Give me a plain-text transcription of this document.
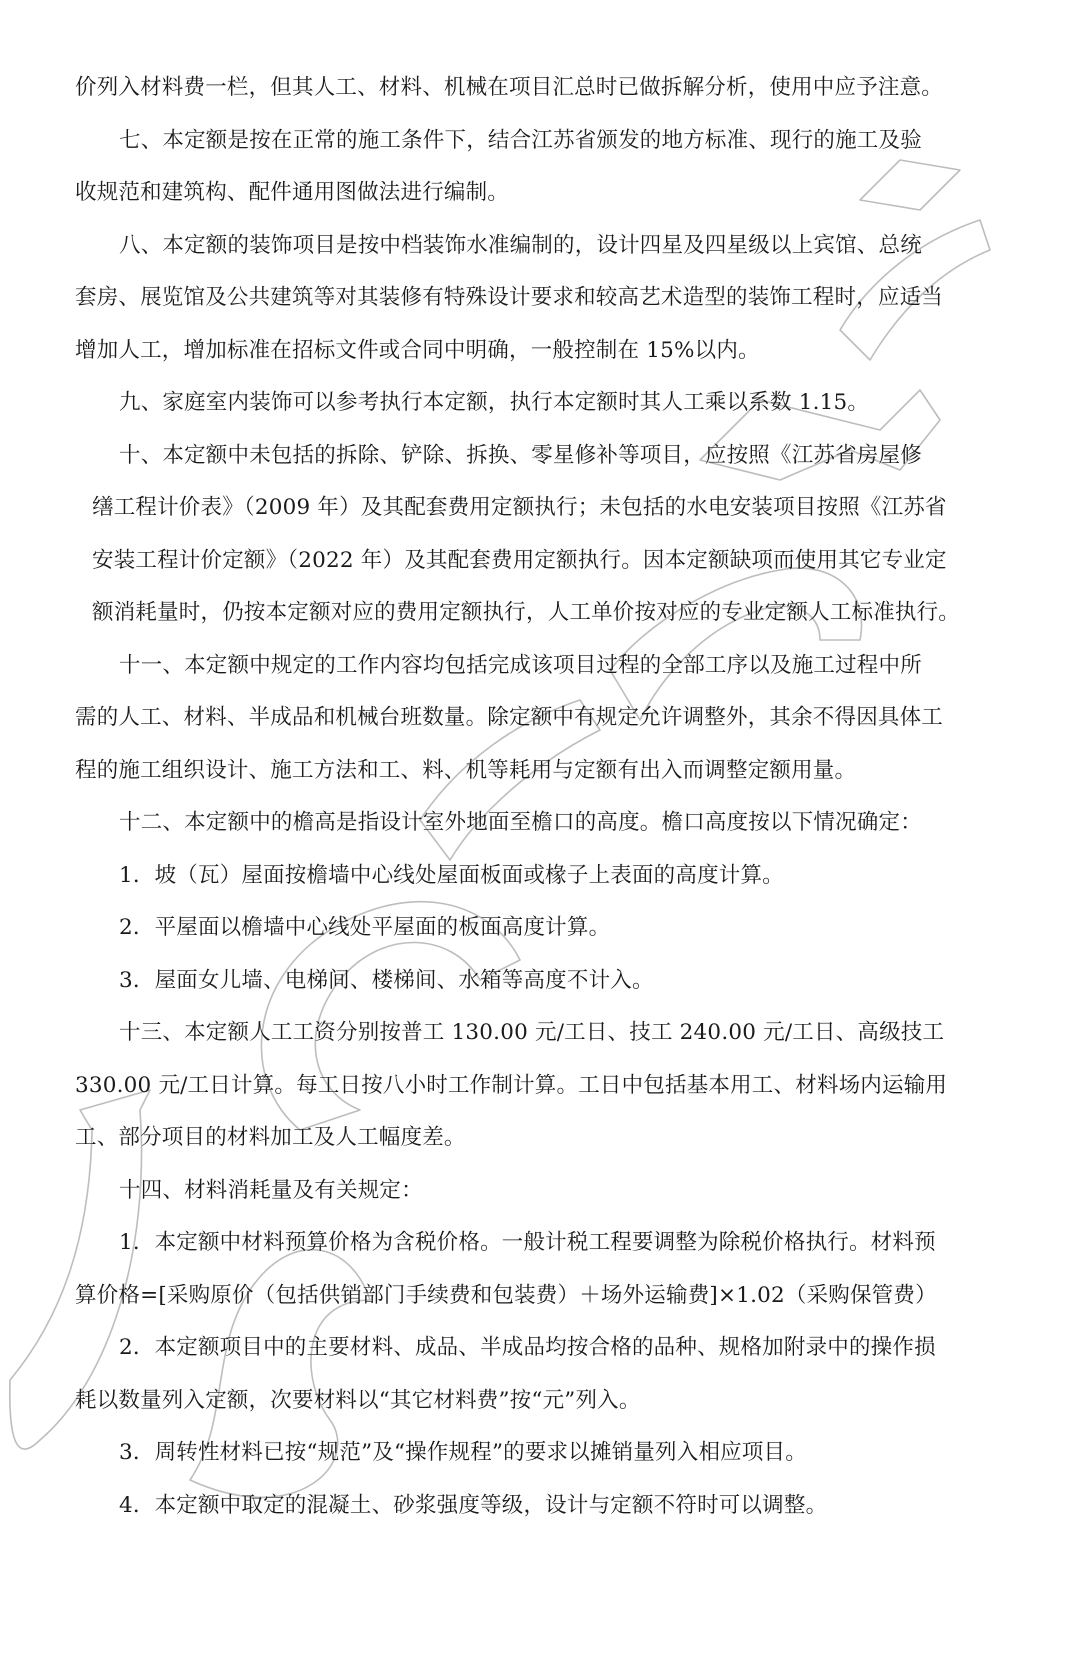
价列入材料费一栏，但其人工、材料、机械在项目汇总时已做拆解分析，使用中应予注意。
七、本定额是按在正常的施工条件下，结合江苏省颁发的地方标准、现行的施工及验
收规范和建筑构、配件通用图做法进行编制。
八、本定额的装饰项目是按中档装饰水准编制的，设计四星及四星级以上宾馆、总统
套房、展览馆及公共建筑等对其装修有特殊设计要求和较高艺术造型的装饰工程时，应适当
增加人工，增加标准在招标文件或合同中明确，一般控制在 15%以内。
九、家庭室内装饰可以参考执行本定额，执行本定额时其人工乘以系数 1.15。
十、本定额中未包括的拆除、铲除、拆换、零星修补等项目，应按照《江苏省房屋修
缮工程计价表》（2009 年）及其配套费用定额执行；未包括的水电安装项目按照《江苏省
安装工程计价定额》（2022 年）及其配套费用定额执行。因本定额缺项而使用其它专业定
额消耗量时，仍按本定额对应的费用定额执行，人工单价按对应的专业定额人工标准执行。
十一、本定额中规定的工作内容均包括完成该项目过程的全部工序以及施工过程中所
需的人工、材料、半成品和机械台班数量。除定额中有规定允许调整外，其余不得因具体工
程的施工组织设计、施工方法和工、料、机等耗用与定额有出入而调整定额用量。
十二、本定额中的檐高是指设计室外地面至檐口的高度。檐口高度按以下情况确定：
1．坡（瓦）屋面按檐墙中心线处屋面板面或椽子上表面的高度计算。
2．平屋面以檐墙中心线处平屋面的板面高度计算。
3．屋面女儿墙、电梯间、楼梯间、水箱等高度不计入。
十三、本定额人工工资分别按普工 130.00 元/工日、技工 240.00 元/工日、高级技工
330.00 元/工日计算。每工日按八小时工作制计算。工日中包括基本用工、材料场内运输用
工、部分项目的材料加工及人工幅度差。
十四、材料消耗量及有关规定：
1．本定额中材料预算价格为含税价格。一般计税工程要调整为除税价格执行。材料预
算价格=[采购原价（包括供销部门手续费和包装费）＋场外运输费]×1.02（采购保管费）
2．本定额项目中的主要材料、成品、半成品均按合格的品种、规格加附录中的操作损
耗以数量列入定额，次要材料以“其它材料费”按“元”列入。
3．周转性材料已按“规范”及“操作规程”的要求以摊销量列入相应项目。
4．本定额中取定的混凝土、砂浆强度等级，设计与定额不符时可以调整。
